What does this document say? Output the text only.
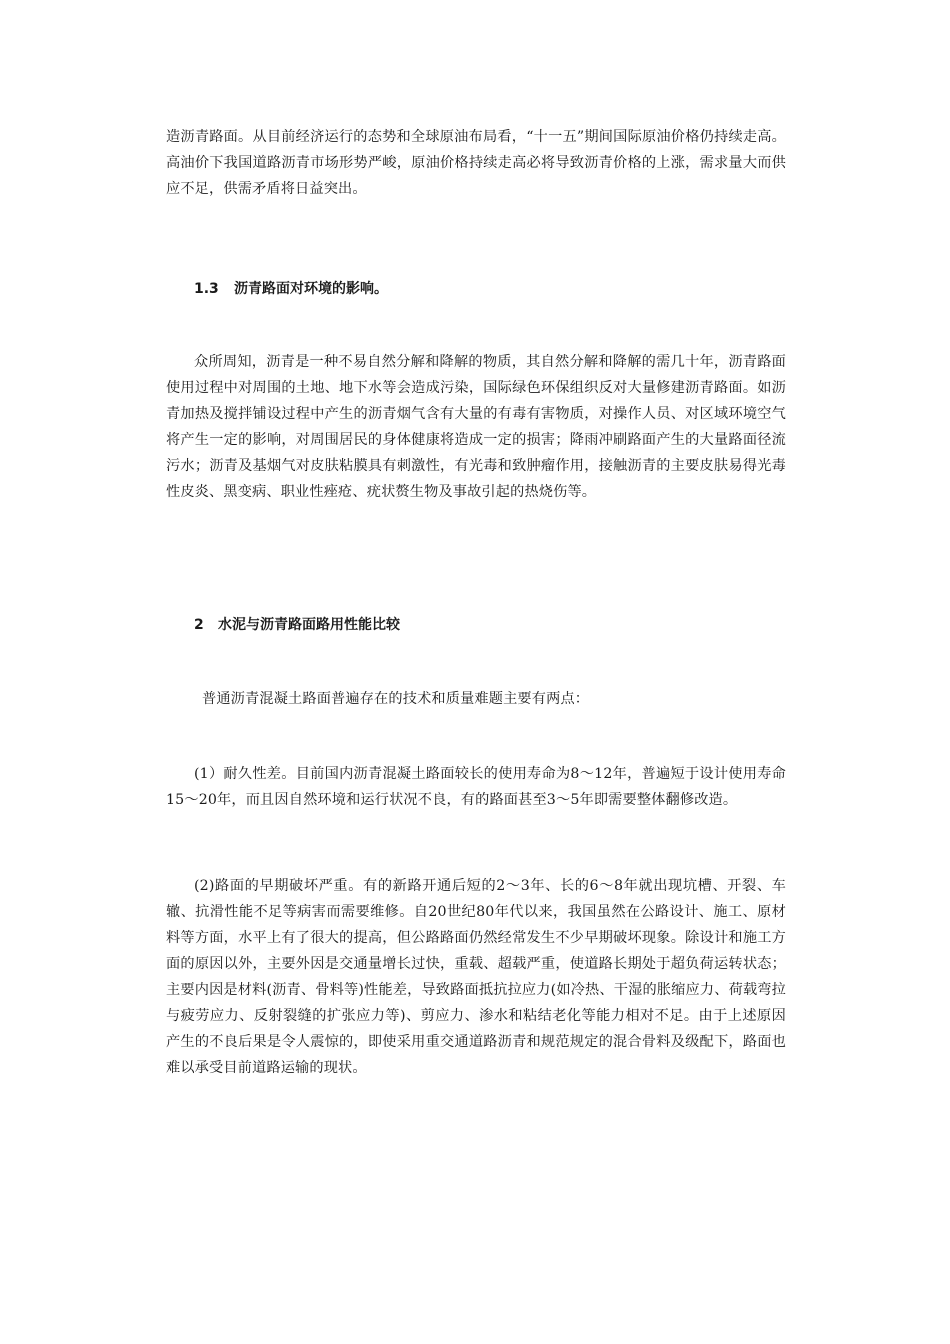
造沥青路面。从目前经济运行的态势和全球原油布局看，“十一五”期间国际原油价格仍持续走高。高油价下我国道路沥青市场形势严峻，原油价格持续走高必将导致沥青价格的上涨，需求量大而供应不足，供需矛盾将日益突出。

1.3 沥青路面对环境的影响。

众所周知，沥青是一种不易自然分解和降解的物质，其自然分解和降解的需几十年，沥青路面使用过程中对周围的土地、地下水等会造成污染，国际绿色环保组织反对大量修建沥青路面。如沥青加热及搅拌铺设过程中产生的沥青烟气含有大量的有毒有害物质，对操作人员、对区域环境空气将产生一定的影响，对周围居民的身体健康将造成一定的损害；降雨冲刷路面产生的大量路面径流污水；沥青及基烟气对皮肤粘膜具有刺激性，有光毒和致肿瘤作用，接触沥青的主要皮肤易得光毒性皮炎、黑变病、职业性痤疮、疣状赘生物及事故引起的热烧伤等。

2 水泥与沥青路面路用性能比较

普通沥青混凝土路面普遍存在的技术和质量难题主要有两点：

(1）耐久性差。目前国内沥青混凝土路面较长的使用寿命为8～12年，普遍短于设计使用寿命15～20年，而且因自然环境和运行状况不良，有的路面甚至3～5年即需要整体翻修改造。

(2)路面的早期破坏严重。有的新路开通后短的2～3年、长的6～8年就出现坑槽、开裂、车辙、抗滑性能不足等病害而需要维修。自20世纪80年代以来，我国虽然在公路设计、施工、原材料等方面，水平上有了很大的提高，但公路路面仍然经常发生不少早期破坏现象。除设计和施工方面的原因以外，主要外因是交通量增长过快，重载、超载严重，使道路长期处于超负荷运转状态；主要内因是材料(沥青、骨料等)性能差，导致路面抵抗拉应力(如冷热、干湿的胀缩应力、荷载弯拉与疲劳应力、反射裂缝的扩张应力等)、剪应力、渗水和粘结老化等能力相对不足。由于上述原因产生的不良后果是令人震惊的，即使采用重交通道路沥青和规范规定的混合骨料及级配下，路面也难以承受目前道路运输的现状。
